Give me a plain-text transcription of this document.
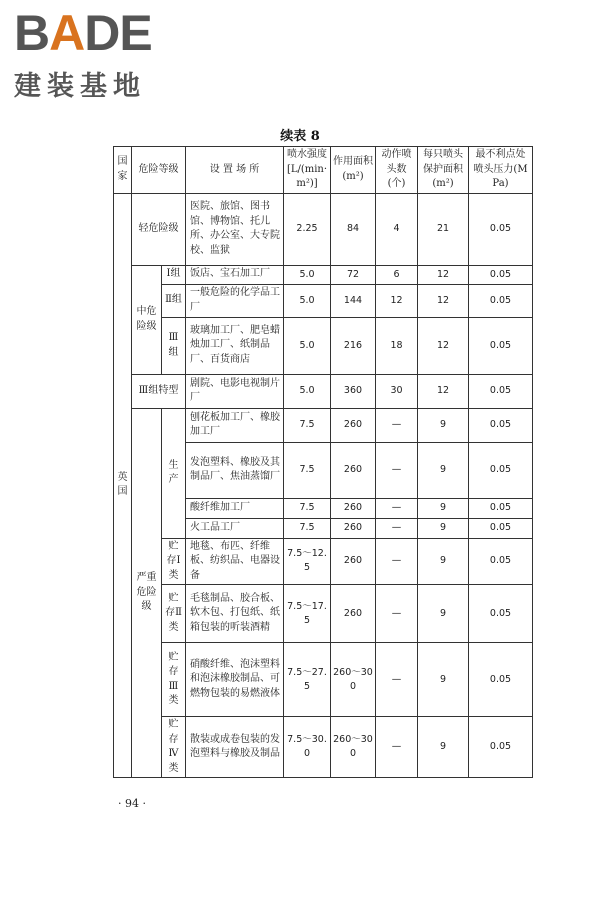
BADE
建装基地
续表 8
国家	危险等级		设 置 场 所	喷水强度[L/(min·m²)]	作用面积(m²)	动作喷头数(个)	每只喷头保护面积(m²)	最不利点处喷头压力(MPa)
英国	轻危险级		医院、旅馆、图书馆、博物馆、托儿所、办公室、大专院校、监狱	2.25	84	4	21	0.05
	中危险级	Ⅰ组	饭店、宝石加工厂	5.0	72	6	12	0.05
		Ⅱ组	一般危险的化学品工厂	5.0	144	12	12	0.05
		Ⅲ组	玻璃加工厂、肥皂蜡烛加工厂、纸制品厂、百货商店	5.0	216	18	12	0.05
	Ⅲ组特型		剧院、电影电视制片厂	5.0	360	30	12	0.05
	严重危险级	生产	刨花板加工厂、橡胶加工厂	7.5	260	—	9	0.05
			发泡塑料、橡胶及其制品厂、焦油蒸馏厂	7.5	260	—	9	0.05
			酸纤维加工厂	7.5	260	—	9	0.05
			火工品工厂	7.5	260	—	9	0.05
		贮存Ⅰ类	地毯、布匹、纤维板、纺织品、电器设备	7.5～12.5	260	—	9	0.05
		贮存Ⅱ类	毛毯制品、胶合板、软木包、打包纸、纸箱包装的听装酒精	7.5～17.5	260	—	9	0.05
		贮存Ⅲ类	硝酸纤维、泡沫塑料和泡沫橡胶制品、可燃物包装的易燃液体	7.5～27.5	260～300	—	9	0.05
		贮存Ⅳ类	散装或成卷包装的发泡塑料与橡胶及制品	7.5～30.0	260～300	—	9	0.05
· 94 ·
